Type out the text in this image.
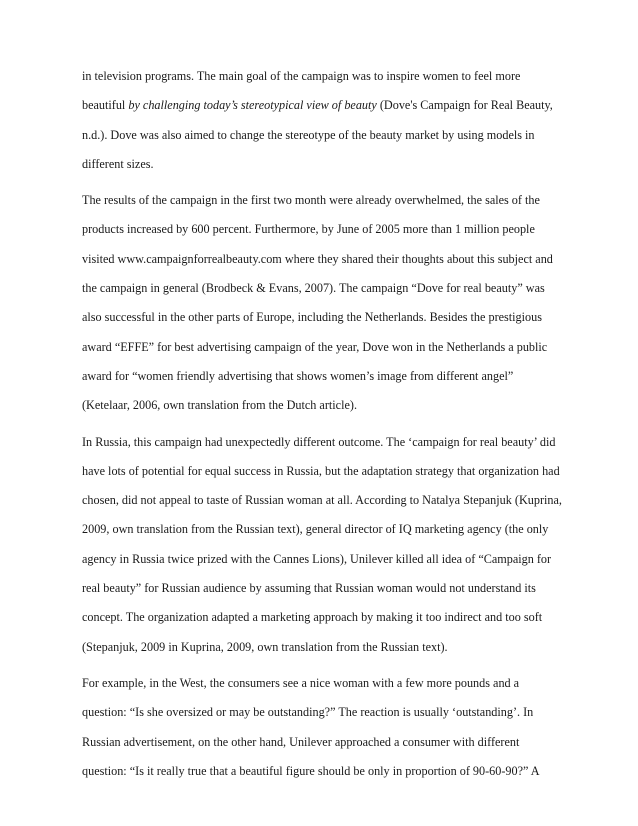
in television programs. The main goal of the campaign was to inspire women to feel more
beautiful by challenging today’s stereotypical view of beauty (Dove's Campaign for Real Beauty,
n.d.). Dove was also aimed to change the stereotype of the beauty market by using models in
different sizes.
The results of the campaign in the first two month were already overwhelmed, the sales of the
products increased by 600 percent. Furthermore, by June of 2005 more than 1 million people
visited www.campaignforrealbeauty.com where they shared their thoughts about this subject and
the campaign in general (Brodbeck & Evans, 2007). The campaign “Dove for real beauty” was
also successful in the other parts of Europe, including the Netherlands. Besides the prestigious
award “EFFE” for best advertising campaign of the year, Dove won in the Netherlands a public
award for “women friendly advertising that shows women’s image from different angel”
(Ketelaar, 2006, own translation from the Dutch article).
In Russia, this campaign had unexpectedly different outcome. The ‘campaign for real beauty’ did
have lots of potential for equal success in Russia, but the adaptation strategy that organization had
chosen, did not appeal to taste of Russian woman at all. According to Natalya Stepanjuk (Kuprina,
2009, own translation from the Russian text), general director of IQ marketing agency (the only
agency in Russia twice prized with the Cannes Lions), Unilever killed all idea of “Campaign for
real beauty” for Russian audience by assuming that Russian woman would not understand its
concept. The organization adapted a marketing approach by making it too indirect and too soft
(Stepanjuk, 2009 in Kuprina, 2009, own translation from the Russian text).
For example, in the West, the consumers see a nice woman with a few more pounds and a
question: “Is she oversized or may be outstanding?” The reaction is usually ‘outstanding’. In
Russian advertisement, on the other hand, Unilever approached a consumer with different
question: “Is it really true that a beautiful figure should be only in proportion of 90-60-90?” A
